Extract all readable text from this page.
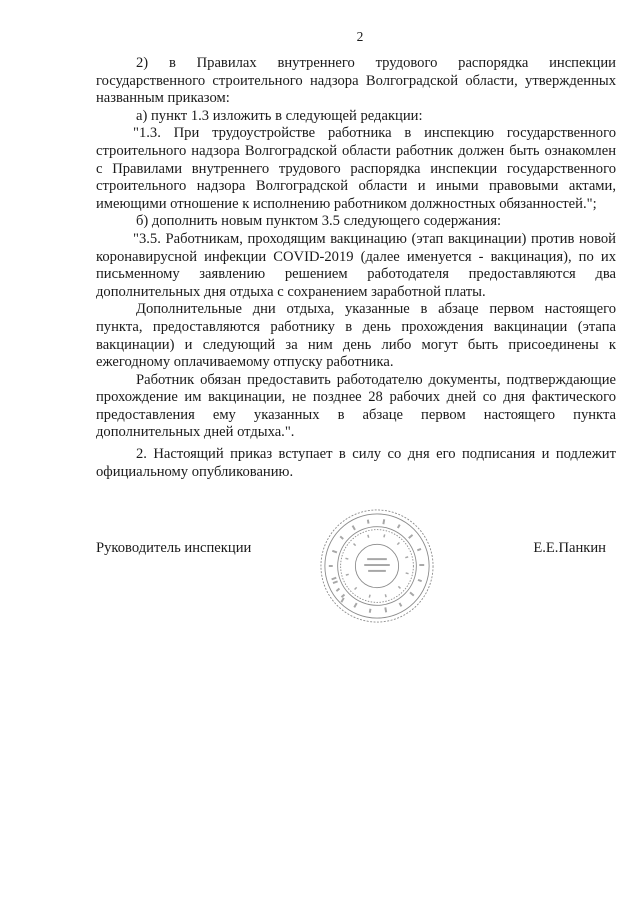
2

2) в Правилах внутреннего трудового распорядка инспекции государственного строительного надзора Волгоградской области, утвержденных названным приказом:

а) пункт 1.3 изложить в следующей редакции:

"1.3. При трудоустройстве работника в инспекцию государственного строительного надзора Волгоградской области работник должен быть ознакомлен с Правилами внутреннего трудового распорядка инспекции государственного строительного надзора Волгоградской области и иными правовыми актами, имеющими отношение к исполнению работником должностных обязанностей.";

б) дополнить новым пунктом 3.5 следующего содержания:

"3.5. Работникам, проходящим вакцинацию (этап вакцинации) против новой коронавирусной инфекции COVID-2019 (далее именуется - вакцинация), по их письменному заявлению решением работодателя предоставляются два дополнительных дня отдыха с сохранением заработной платы.

Дополнительные дни отдыха, указанные в абзаце первом настоящего пункта, предоставляются работнику в день прохождения вакцинации (этапа вакцинации) и следующий за ним день либо могут быть присоединены к ежегодному оплачиваемому отпуску работника.

Работник обязан предоставить работодателю документы, подтверждающие прохождение им вакцинации, не позднее 28 рабочих дней со дня фактического предоставления ему указанных в абзаце первом настоящего пункта дополнительных дней отдыха.".

2. Настоящий приказ вступает в силу со дня его подписания и подлежит официальному опубликованию.

Руководитель инспекции	Е.Е.Панкин
